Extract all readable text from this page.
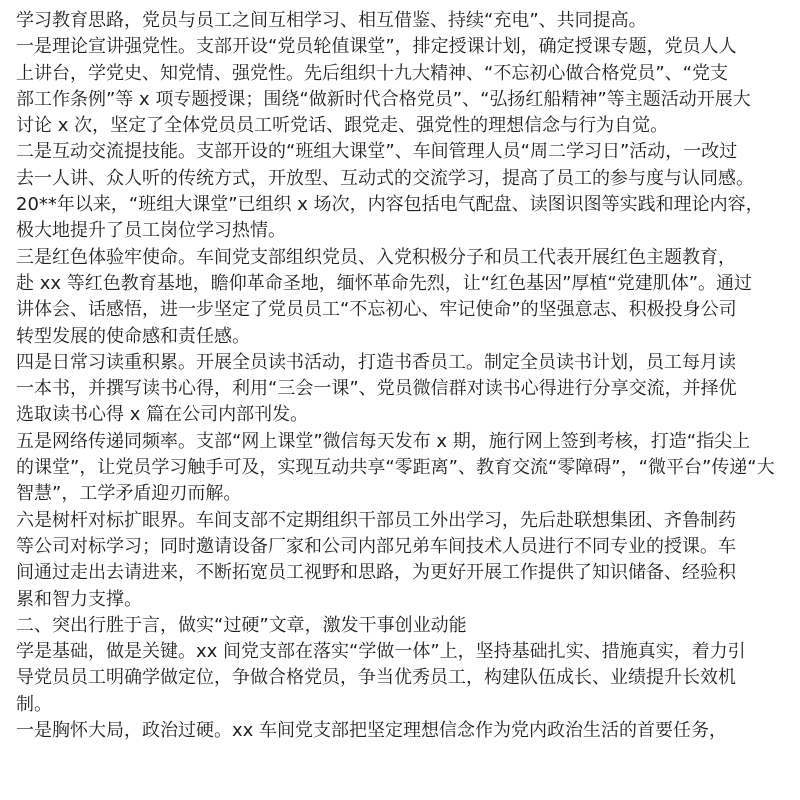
学习教育思路，党员与员工之间互相学习、相互借鉴、持续“充电”、共同提高。
一是理论宣讲强党性。支部开设“党员轮值课堂”，排定授课计划，确定授课专题，党员人人
上讲台，学党史、知党情、强党性。先后组织十九大精神、“不忘初心做合格党员”、“党支
部工作条例”等 x 项专题授课；围绕“做新时代合格党员”、“弘扬红船精神”等主题活动开展大
讨论 x 次，坚定了全体党员员工听党话、跟党走、强党性的理想信念与行为自觉。
二是互动交流提技能。支部开设的“班组大课堂”、车间管理人员“周二学习日”活动，一改过
去一人讲、众人听的传统方式，开放型、互动式的交流学习，提高了员工的参与度与认同感。
20**年以来，“班组大课堂”已组织 x 场次，内容包括电气配盘、读图识图等实践和理论内容，
极大地提升了员工岗位学习热情。
三是红色体验牢使命。车间党支部组织党员、入党积极分子和员工代表开展红色主题教育，
赴 xx 等红色教育基地，瞻仰革命圣地，缅怀革命先烈，让“红色基因”厚植“党建肌体”。通过
讲体会、话感悟，进一步坚定了党员员工“不忘初心、牢记使命”的坚强意志、积极投身公司
转型发展的使命感和责任感。
四是日常习读重积累。开展全员读书活动，打造书香员工。制定全员读书计划，员工每月读
一本书，并撰写读书心得，利用“三会一课”、党员微信群对读书心得进行分享交流，并择优
选取读书心得 x 篇在公司内部刊发。
五是网络传递同频率。支部“网上课堂”微信每天发布 x 期，施行网上签到考核，打造“指尖上
的课堂”，让党员学习触手可及，实现互动共享“零距离”、教育交流“零障碍”，“微平台”传递“大
智慧”，工学矛盾迎刃而解。
六是树杆对标扩眼界。车间支部不定期组织干部员工外出学习，先后赴联想集团、齐鲁制药
等公司对标学习；同时邀请设备厂家和公司内部兄弟车间技术人员进行不同专业的授课。车
间通过走出去请进来，不断拓宽员工视野和思路，为更好开展工作提供了知识储备、经验积
累和智力支撑。
二、突出行胜于言，做实“过硬”文章，激发干事创业动能
学是基础，做是关键。xx 间党支部在落实“学做一体”上，坚持基础扎实、措施真实，着力引
导党员员工明确学做定位，争做合格党员，争当优秀员工，构建队伍成长、业绩提升长效机
制。
一是胸怀大局，政治过硬。xx 车间党支部把坚定理想信念作为党内政治生活的首要任务，
